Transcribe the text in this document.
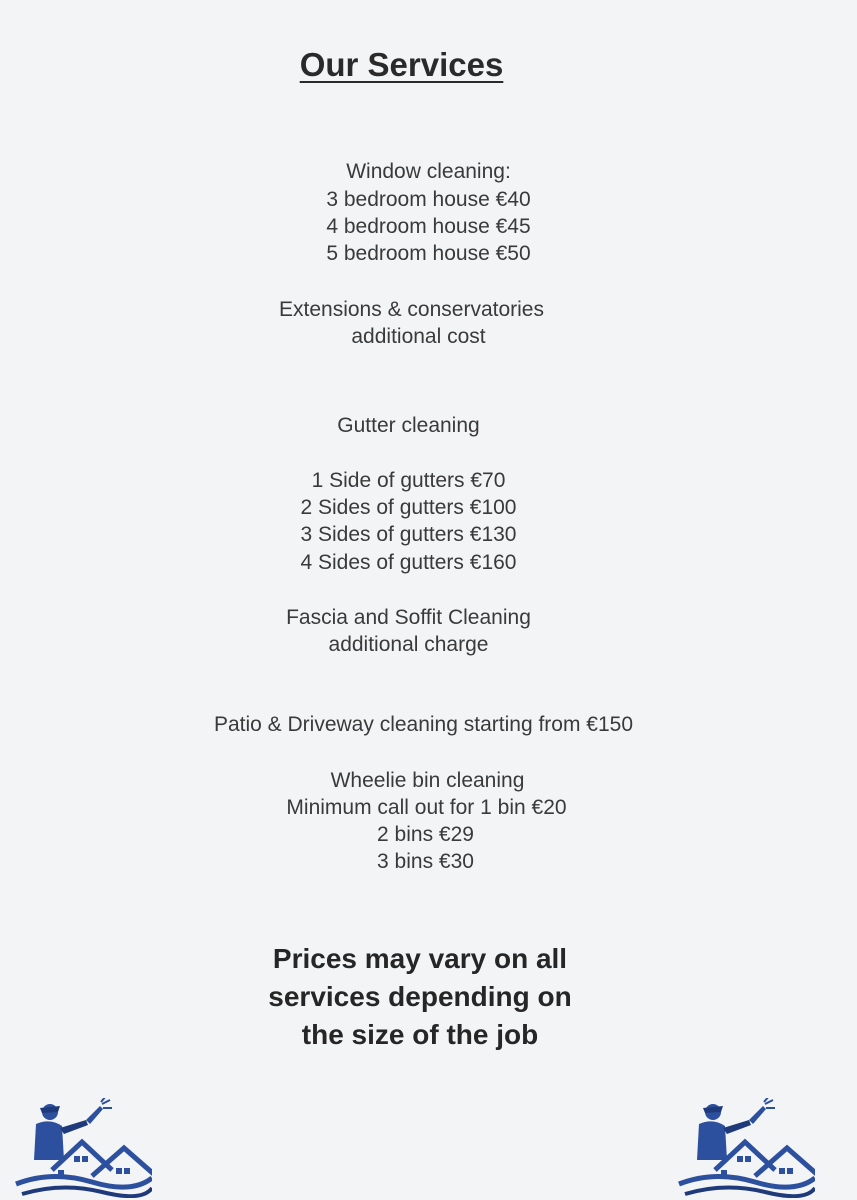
Our Services
Window cleaning:
3 bedroom house €40
4 bedroom house €45
5 bedroom house €50
Extensions & conservatories
additional cost
Gutter cleaning
1 Side of gutters €70
2 Sides of gutters €100
3 Sides of gutters €130
4 Sides of gutters €160
Fascia and Soffit Cleaning
additional charge
Patio & Driveway cleaning starting from €150
Wheelie bin cleaning
Minimum call out for 1 bin €20
2 bins €29
3 bins €30
Prices may vary on all
services depending on
the size of the job
